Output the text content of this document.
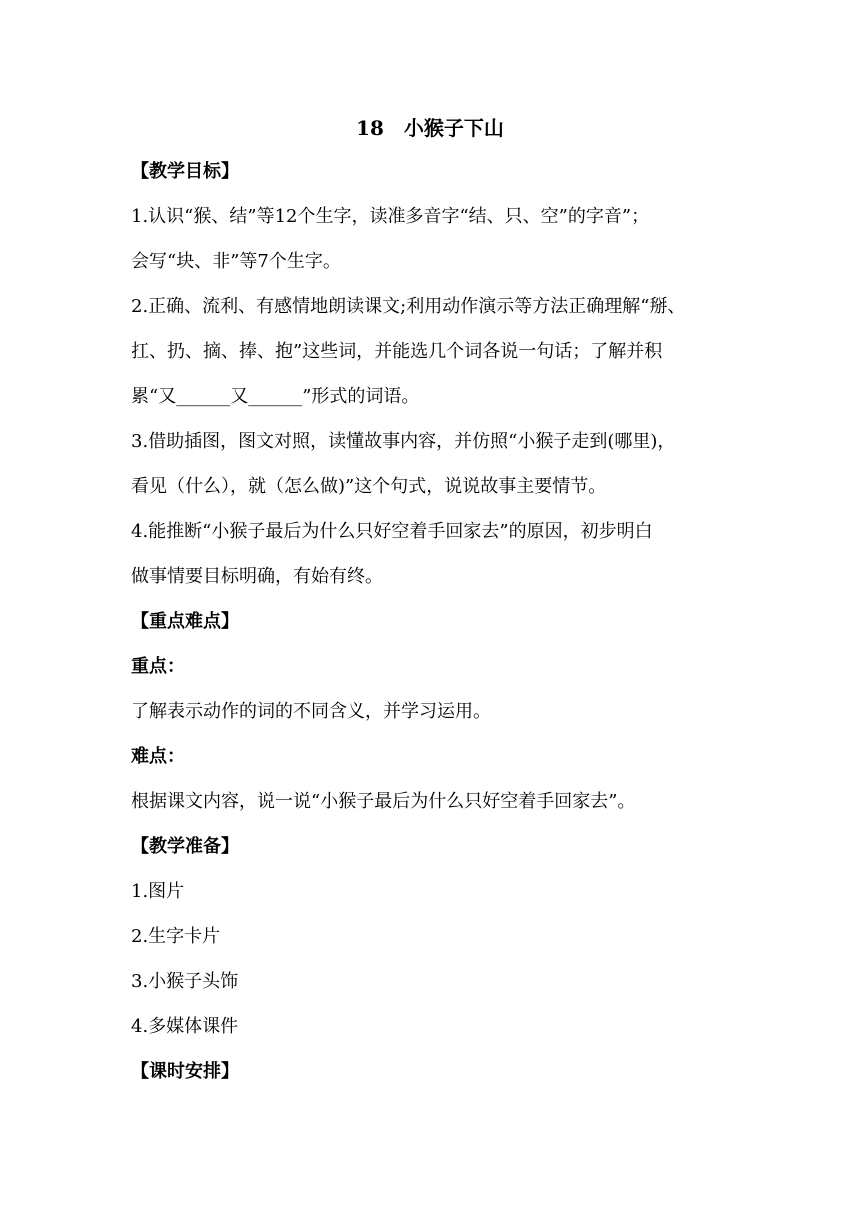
18　小猴子下山
【教学目标】
1.认识“猴、结”等12个生字，读准多音字“结、只、空”的字音”；
会写“块、非”等7个生字。
2.正确、流利、有感情地朗读课文;利用动作演示等方法正确理解“掰、
扛、扔、摘、捧、抱”这些词，并能选几个词各说一句话；了解并积
累“又______又______”形式的词语。
3.借助插图，图文对照，读懂故事内容，并仿照“小猴子走到(哪里)，
看见（什么），就（怎么做)”这个句式，说说故事主要情节。
4.能推断“小猴子最后为什么只好空着手回家去”的原因，初步明白
做事情要目标明确，有始有终。
【重点难点】
重点：
了解表示动作的词的不同含义，并学习运用。
难点：
根据课文内容，说一说“小猴子最后为什么只好空着手回家去”。
【教学准备】
1.图片
2.生字卡片
3.小猴子头饰
4.多媒体课件
【课时安排】
